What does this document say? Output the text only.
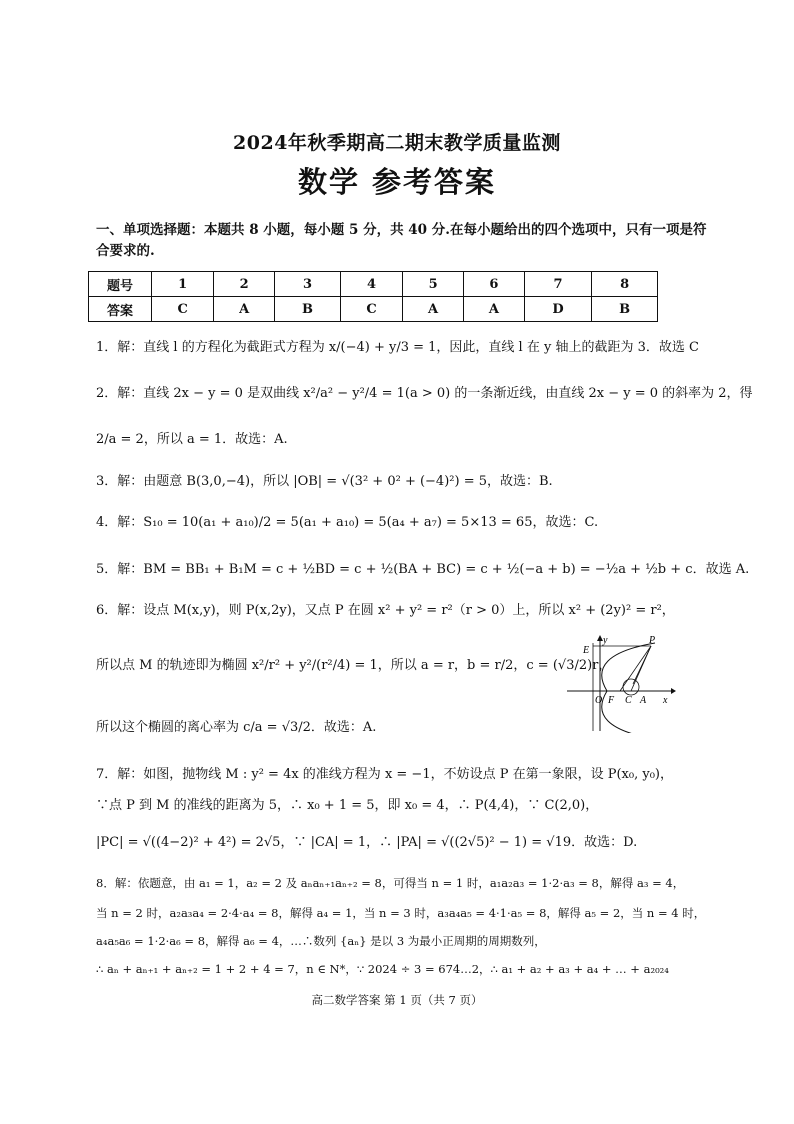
2024年秋季期高二期末教学质量监测
数学 参考答案
一、单项选择题：本题共 8 小题，每小题 5 分，共 40 分.在每小题给出的四个选项中，只有一项是符合要求的.
题号	1	2	3	4	5	6	7	8
答案	C	A	B	C	A	A	D	B
1．解：直线 l 的方程化为截距式方程为 x/(−4) + y/3 = 1，因此，直线 l 在 y 轴上的截距为 3．故选 C
2．解：直线 2x − y = 0 是双曲线 x²/a² − y²/4 = 1(a > 0) 的一条渐近线，由直线 2x − y = 0 的斜率为 2，得
2/a = 2，所以 a = 1．故选：A.
3．解：由题意 B(3,0,−4)，所以 |OB| = √(3² + 0² + (−4)²) = 5，故选：B.
4．解：S₁₀ = 10(a₁ + a₁₀)/2 = 5(a₁ + a₁₀) = 5(a₄ + a₇) = 5×13 = 65，故选：C.
5．解：BM = BB₁ + B₁M = c + ½BD = c + ½(BA + BC) = c + ½(−a + b) = −½a + ½b + c．故选 A.
6．解：设点 M(x,y)，则 P(x,2y)，又点 P 在圆 x² + y² = r²（r > 0）上，所以 x² + (2y)² = r²，
所以点 M 的轨迹即为椭圆 x²/r² + y²/(r²/4) = 1，所以 a = r，b = r/2，c = (√3/2)r，
所以这个椭圆的离心率为 c/a = √3/2．故选：A.
E
y	P
O F C A x
7．解：如图，抛物线 M : y² = 4x 的准线方程为 x = −1，不妨设点 P 在第一象限，设 P(x₀, y₀)，
∵点 P 到 M 的准线的距离为 5，∴ x₀ + 1 = 5，即 x₀ = 4，∴ P(4,4)，∵ C(2,0)，
|PC| = √((4−2)² + 4²) = 2√5，∵ |CA| = 1，∴ |PA| = √((2√5)² − 1) = √19．故选：D.
8．解：依题意，由 a₁ = 1，a₂ = 2 及 aₙaₙ₊₁aₙ₊₂ = 8，可得当 n = 1 时，a₁a₂a₃ = 1·2·a₃ = 8，解得 a₃ = 4，
当 n = 2 时，a₂a₃a₄ = 2·4·a₄ = 8，解得 a₄ = 1，当 n = 3 时，a₃a₄a₅ = 4·1·a₅ = 8，解得 a₅ = 2，当 n = 4 时，
a₄a₅a₆ = 1·2·a₆ = 8，解得 a₆ = 4，…∴数列 {aₙ} 是以 3 为最小正周期的周期数列，
∴ aₙ + aₙ₊₁ + aₙ₊₂ = 1 + 2 + 4 = 7，n ∈ N*，∵ 2024 ÷ 3 = 674…2，∴ a₁ + a₂ + a₃ + a₄ + … + a₂₀₂₄
高二数学答案 第 1 页（共 7 页）
